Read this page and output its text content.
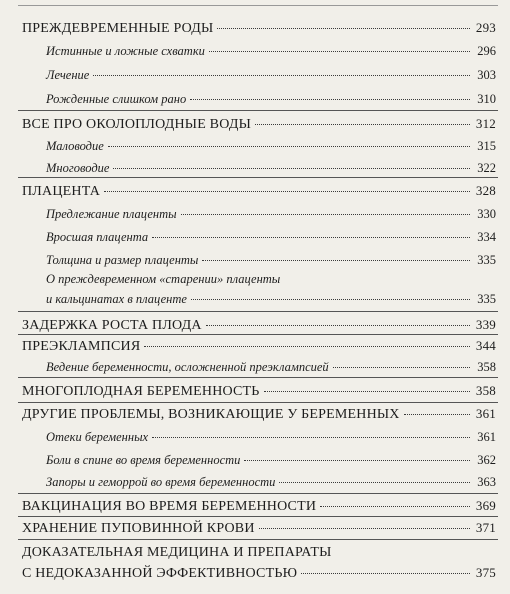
ПРЕЖДЕВРЕМЕННЫЕ РОДЫ	293
Истинные и ложные схватки	296
Лечение	303
Рожденные слишком рано	310
ВСЕ ПРО ОКОЛОПЛОДНЫЕ ВОДЫ	312
Маловодие	315
Многоводие	322
ПЛАЦЕНТА	328
Предлежание плаценты	330
Вросшая плацента	334
Толщина и размер плаценты	335
О преждевременном «старении» плаценты
и кальцинатах в плаценте	335
ЗАДЕРЖКА РОСТА ПЛОДА	339
ПРЕЭКЛАМПСИЯ	344
Ведение беременности, осложненной преэклампсией	358
МНОГОПЛОДНАЯ БЕРЕМЕННОСТЬ	358
ДРУГИЕ ПРОБЛЕМЫ, ВОЗНИКАЮЩИЕ У БЕРЕМЕННЫХ	361
Отеки беременных	361
Боли в спине во время беременности	362
Запоры и геморрой во время беременности	363
ВАКЦИНАЦИЯ ВО ВРЕМЯ БЕРЕМЕННОСТИ	369
ХРАНЕНИЕ ПУПОВИННОЙ КРОВИ	371
ДОКАЗАТЕЛЬНАЯ МЕДИЦИНА И ПРЕПАРАТЫ
С НЕДОКАЗАННОЙ ЭФФЕКТИВНОСТЬЮ	375
